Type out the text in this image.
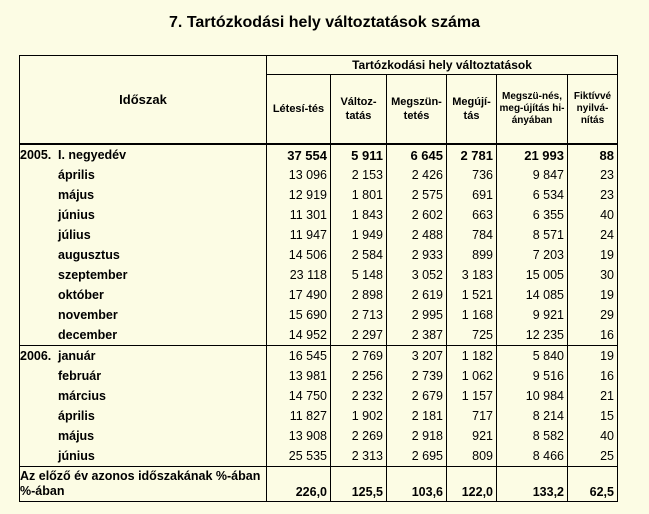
7. Tartózkodási hely változtatások száma
Időszak	Tartózkodási hely változtatások					
	Létesí-tés	Változ-tatás	Megszün-tetés	Megújí-tás	Megszü-nés, meg-újítás hi-ányában	Fiktívvé nyilvá-nítás
2005. I. negyedév	37 554	5 911	6 645	2 781	21 993	88
április	13 096	2 153	2 426	736	9 847	23
május	12 919	1 801	2 575	691	6 534	23
június	11 301	1 843	2 602	663	6 355	40
július	11 947	1 949	2 488	784	8 571	24
augusztus	14 506	2 584	2 933	899	7 203	19
szeptember	23 118	5 148	3 052	3 183	15 005	30
október	17 490	2 898	2 619	1 521	14 085	19
november	15 690	2 713	2 995	1 168	9 921	29
december	14 952	2 297	2 387	725	12 235	16
2006. január	16 545	2 769	3 207	1 182	5 840	19
február	13 981	2 256	2 739	1 062	9 516	16
március	14 750	2 232	2 679	1 157	10 984	21
április	11 827	1 902	2 181	717	8 214	15
május	13 908	2 269	2 918	921	8 582	40
június	25 535	2 313	2 695	809	8 466	25
Az előző év azonos időszakának %-ában %-ában	226,0	125,5	103,6	122,0	133,2	62,5
